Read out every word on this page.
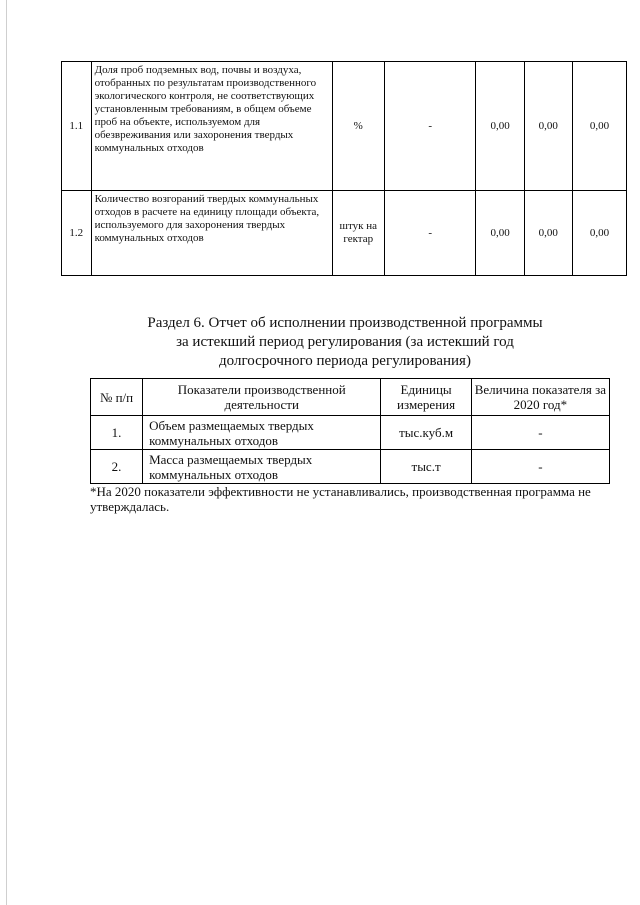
1.1	Доля проб подземных вод, почвы и воздуха, отобранных по результатам производственного экологического контроля, не соответствующих установленным требованиям, в общем объеме проб на объекте, используемом для обезвреживания или захоронения твердых коммунальных отходов	%	-	0,00	0,00	0,00
1.2	Количество возгораний твердых коммунальных отходов в расчете на единицу площади объекта, используемого для захоронения твердых коммунальных отходов	штук на гектар	-	0,00	0,00	0,00
Раздел 6. Отчет об исполнении производственной программы
за истекший период регулирования (за истекший год
долгосрочного периода регулирования)
№ п/п	Показатели производственной деятельности	Единицы измерения	Величина показателя за 2020 год*
1.	Объем размещаемых твердых коммунальных отходов	тыс.куб.м	-
2.	Масса размещаемых твердых коммунальных отходов	тыс.т	-
*На 2020 показатели эффективности не устанавливались, производственная программа не утверждалась.
